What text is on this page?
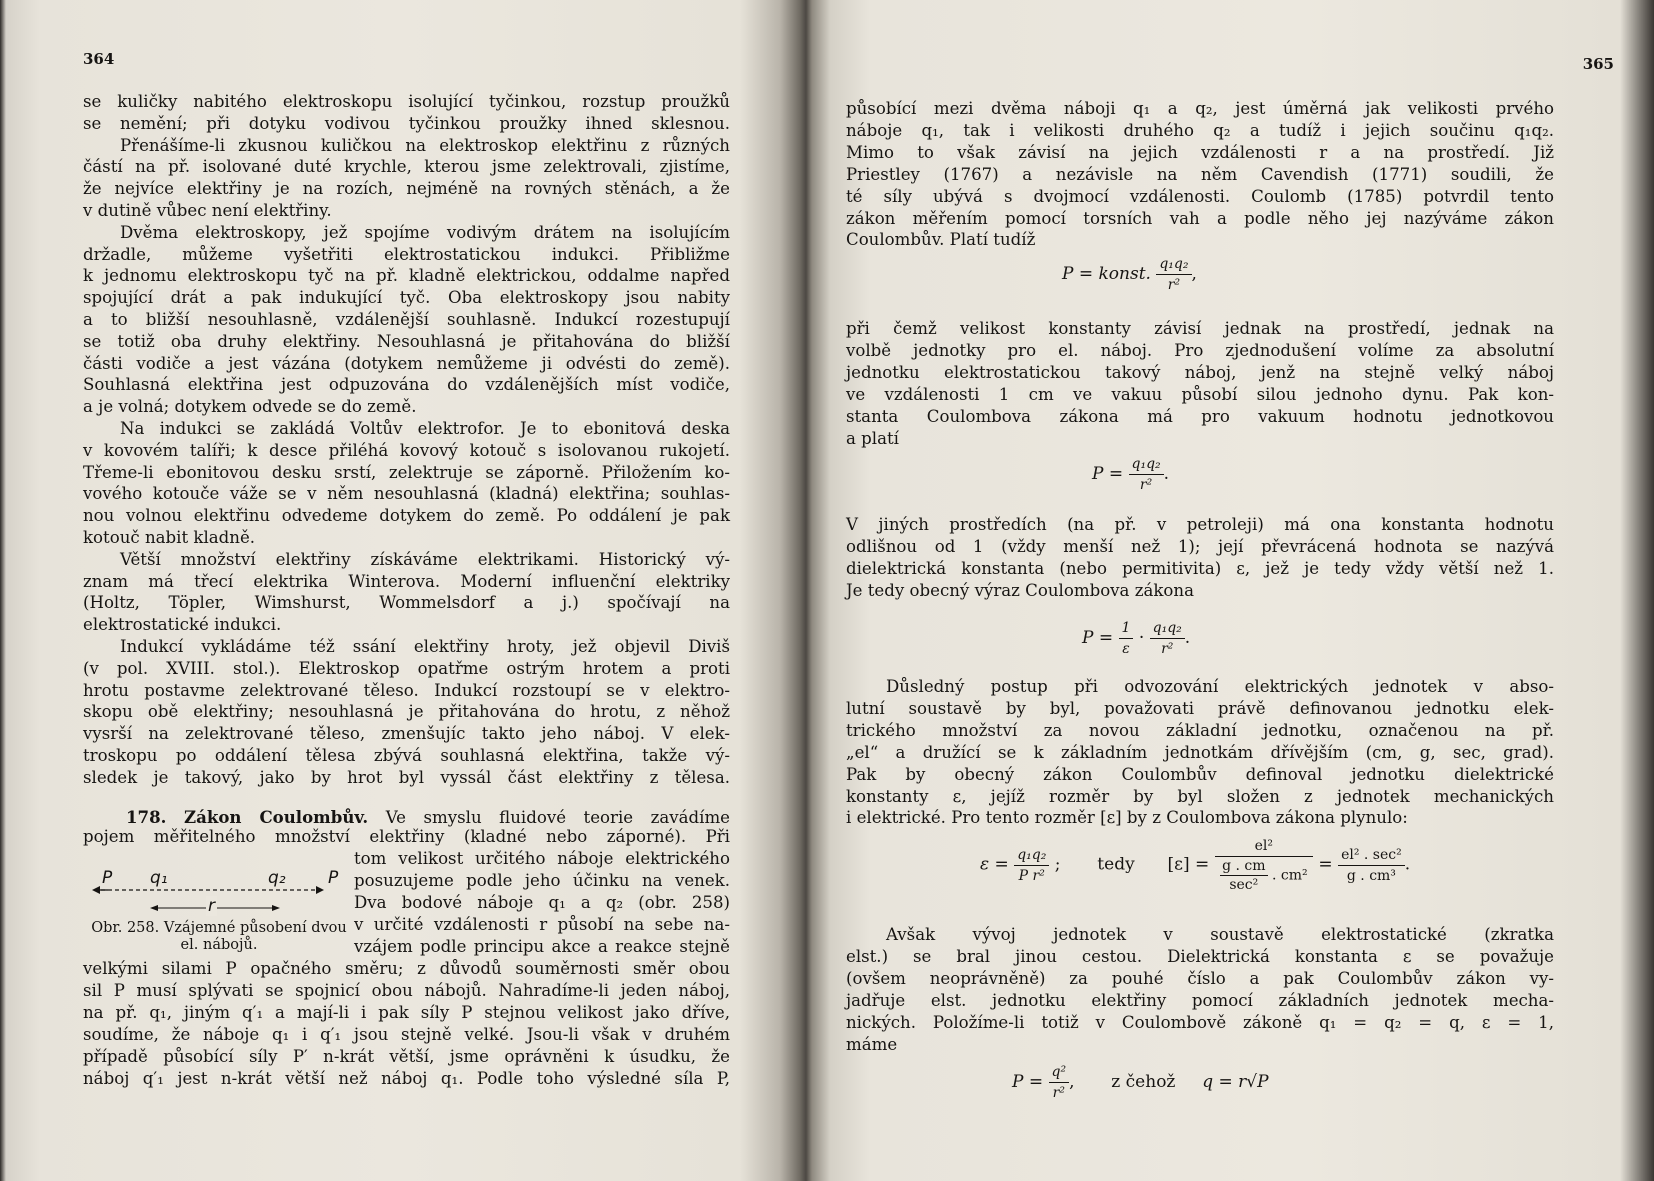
364

se kuličky nabitého elektroskopu isolující tyčinkou, rozstup proužků

se nemění; při dotyku vodivou tyčinkou proužky ihned sklesnou.

Přenášíme-li zkusnou kuličkou na elektroskop elektřinu z různých

částí na př. isolované duté krychle, kterou jsme zelektrovali, zjistíme,

že nejvíce elektřiny je na rozích, nejméně na rovných stěnách, a že

v dutině vůbec není elektřiny.

Dvěma elektroskopy, jež spojíme vodivým drátem na isolujícím

držadle, můžeme vyšetřiti elektrostatickou indukci. Přibližme

k jednomu elektroskopu tyč na př. kladně elektrickou, oddalme napřed

spojující drát a pak indukující tyč. Oba elektroskopy jsou nabity

a to bližší nesouhlasně, vzdálenější souhlasně. Indukcí rozestupují

se totiž oba druhy elektřiny. Nesouhlasná je přitahována do bližší

části vodiče a jest vázána (dotykem nemůžeme ji odvésti do země).

Souhlasná elektřina jest odpuzována do vzdálenějších míst vodiče,

a je volná; dotykem odvede se do země.

Na indukci se zakládá Voltův elektrofor. Je to ebonitová deska

v kovovém talíři; k desce přiléhá kovový kotouč s isolovanou rukojetí.

Třeme-li ebonitovou desku srstí, zelektruje se záporně. Přiložením ko-

vového kotouče váže se v něm nesouhlasná (kladná) elektřina; souhlas-

nou volnou elektřinu odvedeme dotykem do země. Po oddálení je pak

kotouč nabit kladně.

Větší množství elektřiny získáváme elektrikami. Historický vý-

znam má třecí elektrika Winterova. Moderní influenční elektriky

(Holtz, Töpler, Wimshurst, Wommelsdorf a j.) spočívají na

elektrostatické indukci.

Indukcí vykládáme též ssání elektřiny hroty, jež objevil Diviš

(v pol. XVIII. stol.). Elektroskop opatřme ostrým hrotem a proti

hrotu postavme zelektrované těleso. Indukcí rozstoupí se v elektro-

skopu obě elektřiny; nesouhlasná je přitahována do hrotu, z něhož

vysrší na zelektrované těleso, zmenšujíc takto jeho náboj. V elek-

troskopu po oddálení tělesa zbývá souhlasná elektřina, takže vý-

sledek je takový, jako by hrot byl vyssál část elektřiny z tělesa.

178. Zákon Coulombův. Ve smyslu fluidové teorie zavádíme

pojem měřitelného množství elektřiny (kladné nebo záporné). Při

tom velikost určitého náboje elektrického

posuzujeme podle jeho účinku na venek.

Dva bodové náboje q₁ a q₂ (obr. 258)

v určité vzdálenosti r působí na sebe na-

vzájem podle principu akce a reakce stejně

velkými silami P opačného směru; z důvodů souměrnosti směr obou

sil P musí splývati se spojnicí obou nábojů. Nahradíme-li jeden náboj,

na př. q₁, jiným q′₁ a mají-li i pak síly P stejnou velikost jako dříve,

soudíme, že náboje q₁ i q′₁ jsou stejně velké. Jsou-li však v druhém

případě působící síly P′ n-krát větší, jsme oprávněni k úsudku, že

náboj q′₁ jest n-krát větší než náboj q₁. Podle toho výsledné síla P,

P q₁	q₂ P
r
Obr. 258. Vzájemné působení dvou el. nábojů.

365

působící mezi dvěma náboji q₁ a q₂, jest úměrná jak velikosti prvého

náboje q₁, tak i velikosti druhého q₂ a tudíž i jejich součinu q₁q₂.

Mimo to však závisí na jejich vzdálenosti r a na prostředí. Již

Priestley (1767) a nezávisle na něm Cavendish (1771) soudili, že

té síly ubývá s dvojmocí vzdálenosti. Coulomb (1785) potvrdil tento

zákon měřením pomocí torsních vah a podle něho jej nazýváme zákon

Coulombův. Platí tudíž

při čemž velikost konstanty závisí jednak na prostředí, jednak na

volbě jednotky pro el. náboj. Pro zjednodušení volíme za absolutní

jednotku elektrostatickou takový náboj, jenž na stejně velký náboj

ve vzdálenosti 1 cm ve vakuu působí silou jednoho dynu. Pak kon-

stanta Coulombova zákona má pro vakuum hodnotu jednotkovou

a platí

V jiných prostředích (na př. v petroleji) má ona konstanta hodnotu

odlišnou od 1 (vždy menší než 1); její převrácená hodnota se nazývá

dielektrická konstanta (nebo permitivita) ε, jež je tedy vždy větší než 1.

Je tedy obecný výraz Coulombova zákona

Důsledný postup při odvozování elektrických jednotek v abso-

lutní soustavě by byl, považovati právě definovanou jednotku elek-

trického množství za novou základní jednotku, označenou na př.

„el“ a družící se k základním jednotkám dřívějším (cm, g, sec, grad).

Pak by obecný zákon Coulombův definoval jednotku dielektrické

konstanty ε, jejíž rozměr by byl složen z jednotek mechanických

i elektrické. Pro tento rozměr [ε] by z Coulombova zákona plynulo:

Avšak vývoj jednotek v soustavě elektrostatické (zkratka

elst.) se bral jinou cestou. Dielektrická konstanta ε se považuje

(ovšem neoprávněně) za pouhé číslo a pak Coulombův zákon vy-

jadřuje elst. jednotku elektřiny pomocí základních jednotek mecha-

nických. Položíme-li totiž v Coulombově zákoně q₁ = q₂ = q, ε = 1,

máme

P = konst. $\frac{\text{q₁q₂}}{\text{r²}}$ ,
$P = \frac{\text{q₁q₂}}{\text{r²}}$ .
$P = \frac{1}{\varepsilon} \cdot \frac{\text{q₁q₂}}{\text{r²}}$ .
$\varepsilon = \frac{\text{q₁q₂}}{\text{P r²}}$ ; tedy [ε] = el²
g . cm
sec²
. $cm^2 = \frac{\text{el² . sec²}}{\text{g . cm³}}$ .
$P = \frac{\text{q²}}{\text{r²}}$ , z čehož q = r√P
